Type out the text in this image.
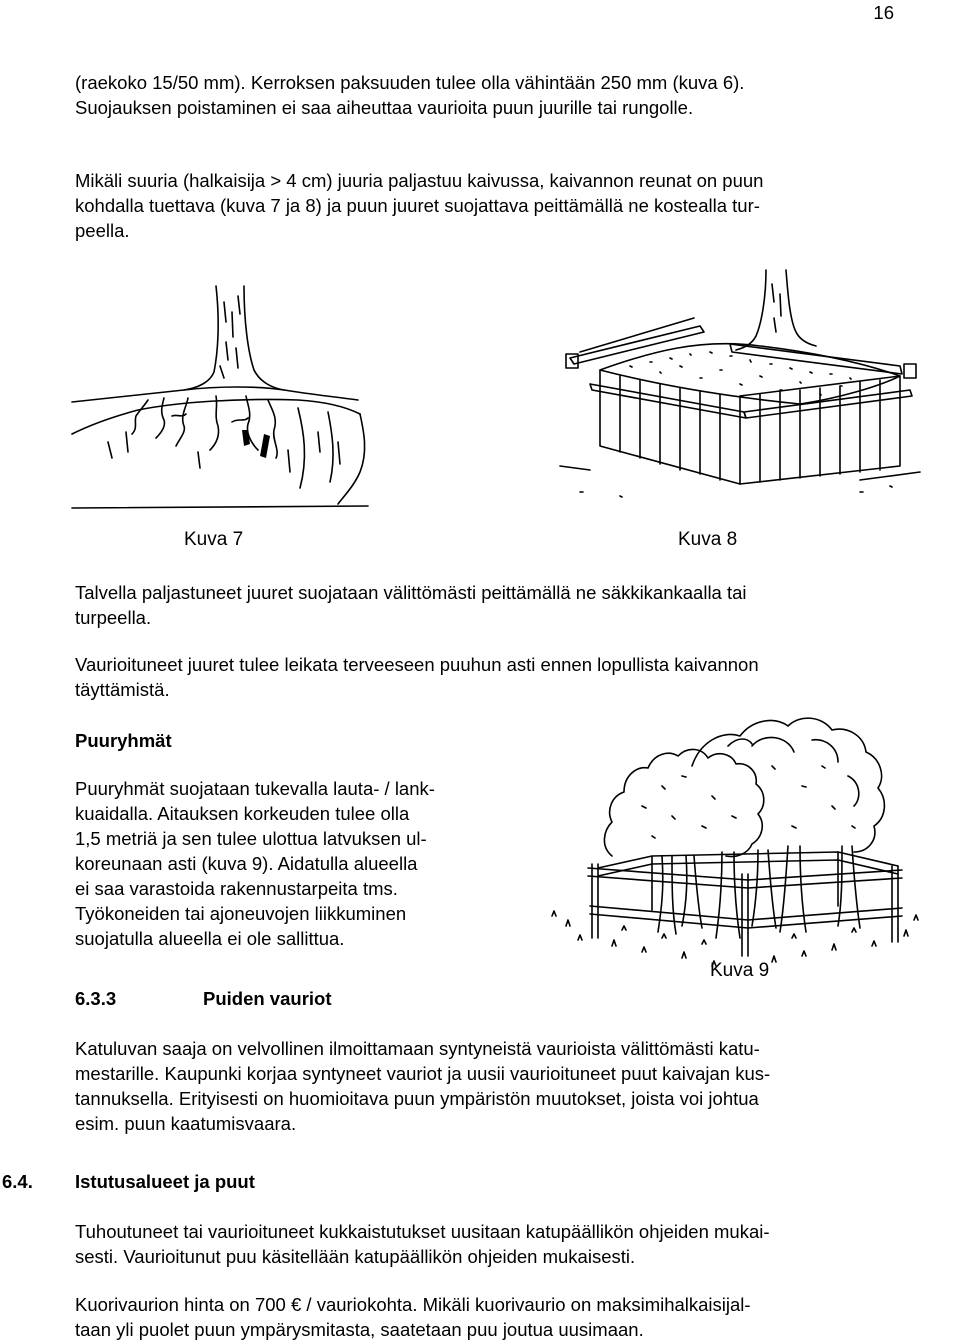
16
(raekoko 15/50 mm). Kerroksen paksuuden tulee olla vähintään 250 mm (kuva 6).
Suojauksen poistaminen ei saa aiheuttaa vaurioita puun juurille tai rungolle.
Mikäli suuria (halkaisija > 4 cm) juuria paljastuu kaivussa, kaivannon reunat on puun
kohdalla tuettava (kuva 7 ja 8) ja puun juuret suojattava peittämällä ne kostealla tur-
peella.
Kuva 7	Kuva 8
Talvella paljastuneet juuret suojataan välittömästi peittämällä ne säkkikankaalla tai
turpeella.
Vaurioituneet juuret tulee leikata terveeseen puuhun asti ennen lopullista kaivannon
täyttämistä.
Puuryhmät
Puuryhmät suojataan tukevalla lauta- / lank-
kuaidalla. Aitauksen korkeuden tulee olla
1,5 metriä ja sen tulee ulottua latvuksen ul-
koreunaan asti (kuva 9). Aidatulla alueella
ei saa varastoida rakennustarpeita tms.
Työkoneiden tai ajoneuvojen liikkuminen
suojatulla alueella ei ole sallittua.
Kuva 9
6.3.3	Puiden vauriot
Katuluvan saaja on velvollinen ilmoittamaan syntyneistä vaurioista välittömästi katu-
mestarille. Kaupunki korjaa syntyneet vauriot ja uusii vaurioituneet puut kaivajan kus-
tannuksella. Erityisesti on huomioitava puun ympäristön muutokset, joista voi johtua
esim. puun kaatumisvaara.
6.4. Istutusalueet ja puut
Tuhoutuneet tai vaurioituneet kukkaistutukset uusitaan katupäällikön ohjeiden mukai-
sesti. Vaurioitunut puu käsitellään katupäällikön ohjeiden mukaisesti.
Kuorivaurion hinta on 700 € / vauriokohta. Mikäli kuorivaurio on maksimihalkaisijal-
taan yli puolet puun ympärysmitasta, saatetaan puu joutua uusimaan.
